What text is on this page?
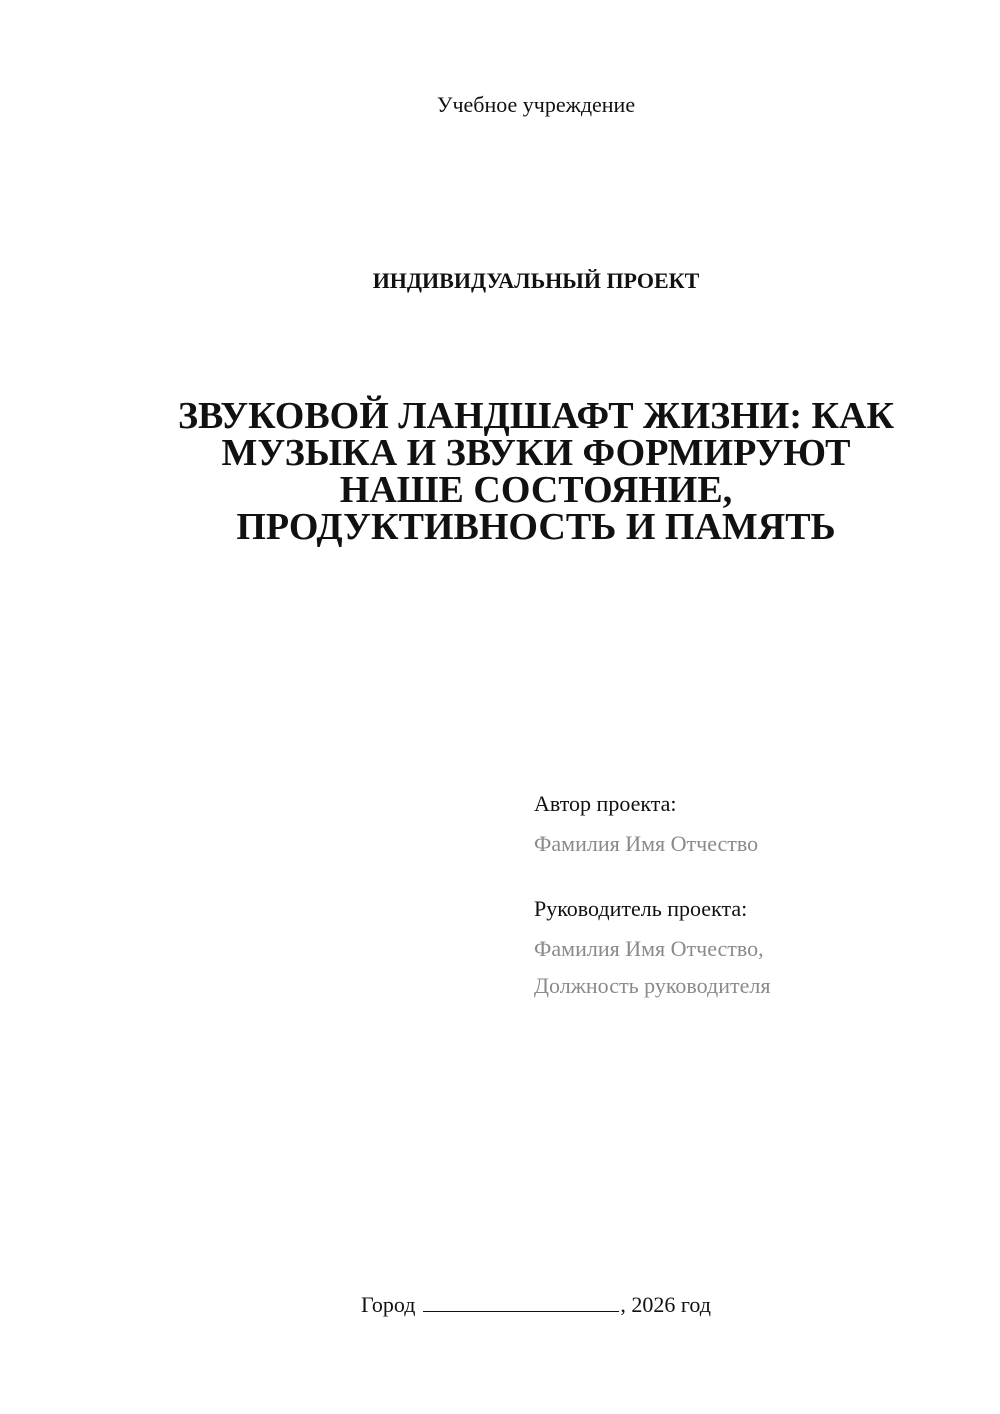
Учебное учреждение
ИНДИВИДУАЛЬНЫЙ ПРОЕКТ
ЗВУКОВОЙ ЛАНДШАФТ ЖИЗНИ: КАК
МУЗЫКА И ЗВУКИ ФОРМИРУЮТ
НАШЕ СОСТОЯНИЕ,
ПРОДУКТИВНОСТЬ И ПАМЯТЬ
Автор проекта:
Фамилия Имя Отчество
Руководитель проекта:
Фамилия Имя Отчество,
Должность руководителя
Город	, 2026 год
